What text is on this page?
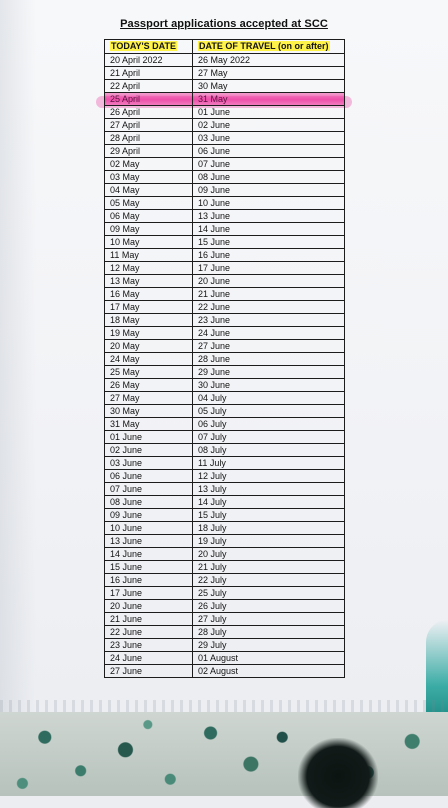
Passport applications accepted at SCC
TODAY'S DATE	DATE OF TRAVEL (on or after)
20 April 2022	26 May 2022
21 April	27 May
22 April	30 May
25 April	31 May
26 April	01 June
27 April	02 June
28 April	03 June
29 April	06 June
02 May	07 June
03 May	08 June
04 May	09 June
05 May	10 June
06 May	13 June
09 May	14 June
10 May	15 June
11 May	16 June
12 May	17 June
13 May	20 June
16 May	21 June
17 May	22 June
18 May	23 June
19 May	24 June
20 May	27 June
24 May	28 June
25 May	29 June
26 May	30 June
27 May	04 July
30 May	05 July
31 May	06 July
01 June	07 July
02 June	08 July
03 June	11 July
06 June	12 July
07 June	13 July
08 June	14 July
09 June	15 July
10 June	18 July
13 June	19 July
14 June	20 July
15 June	21 July
16 June	22 July
17 June	25 July
20 June	26 July
21 June	27 July
22 June	28 July
23 June	29 July
24 June	01 August
27 June	02 August
